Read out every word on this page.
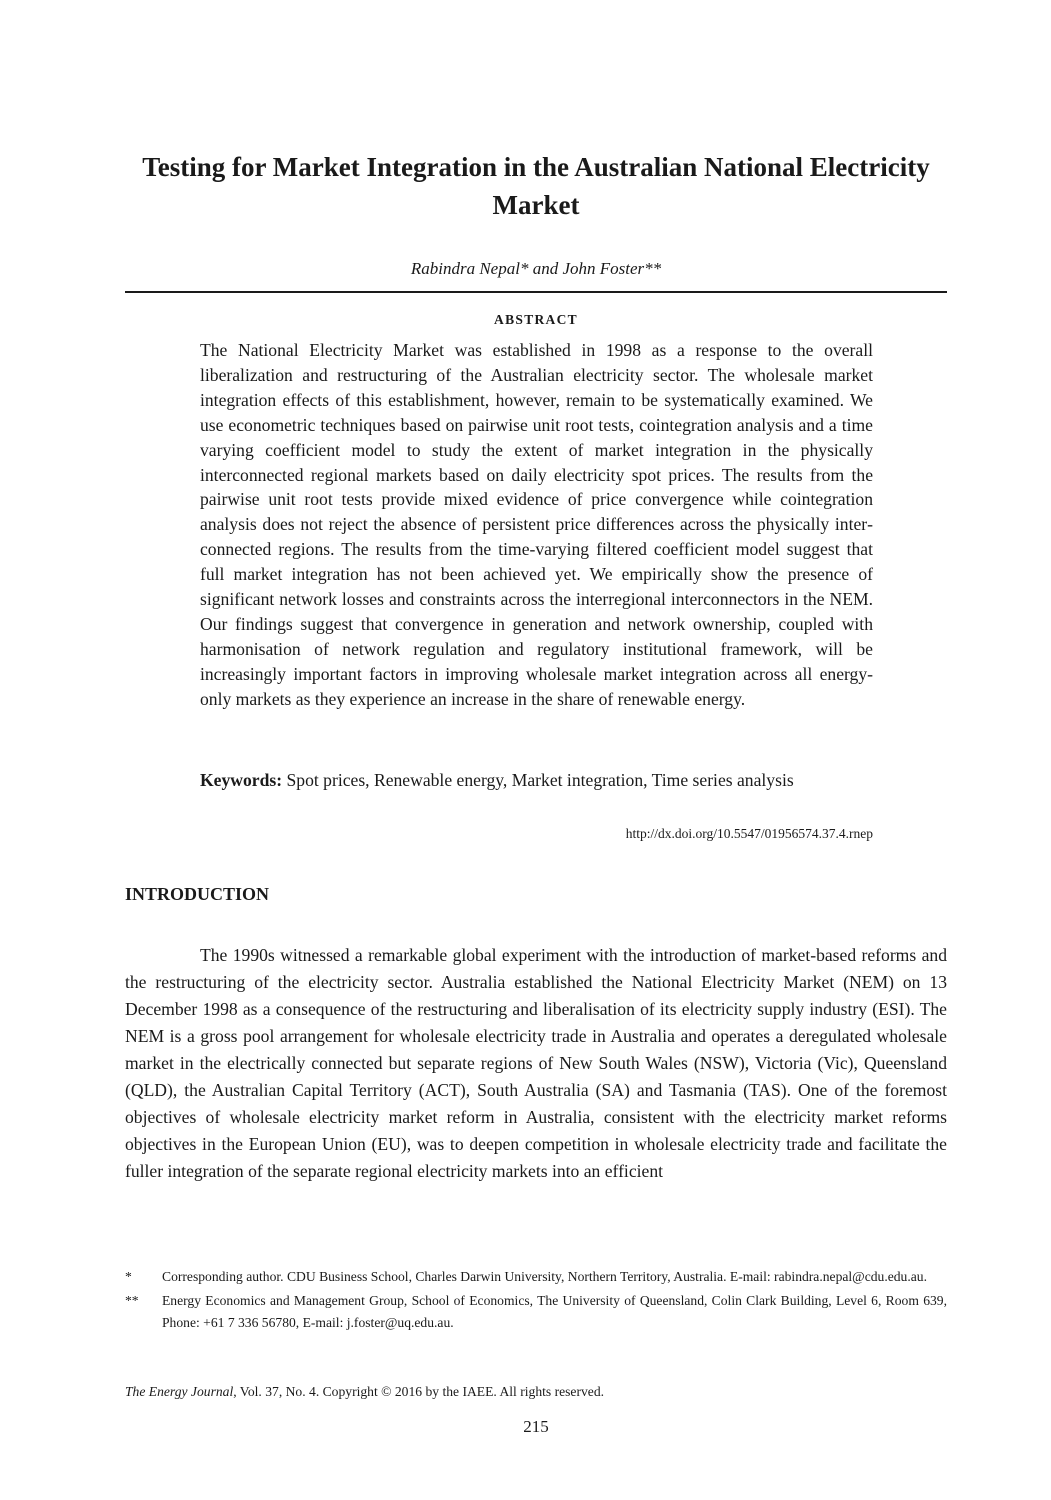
Testing for Market Integration in the Australian National Electricity Market
Rabindra Nepal* and John Foster**
ABSTRACT

The National Electricity Market was established in 1998 as a response to the overall liberalization and restructuring of the Australian electricity sector. The wholesale market integration effects of this establishment, however, remain to be systematically examined. We use econometric techniques based on pairwise unit root tests, cointegration analysis and a time varying coefficient model to study the extent of market integration in the physically interconnected regional markets based on daily electricity spot prices. The results from the pairwise unit root tests provide mixed evidence of price convergence while cointegration analysis does not reject the absence of persistent price differences across the physically interconnected regions. The results from the time-varying filtered coefficient model suggest that full market integration has not been achieved yet. We empirically show the presence of significant network losses and constraints across the interregional interconnectors in the NEM. Our findings suggest that convergence in generation and network ownership, coupled with harmonisation of network regulation and regulatory institutional framework, will be increasingly important factors in improving wholesale market integration across all energy-only markets as they experience an increase in the share of renewable energy.

Keywords: Spot prices, Renewable energy, Market integration, Time series analysis

http://dx.doi.org/10.5547/01956574.37.4.rnep
INTRODUCTION

The 1990s witnessed a remarkable global experiment with the introduction of market-based reforms and the restructuring of the electricity sector. Australia established the National Electricity Market (NEM) on 13 December 1998 as a consequence of the restructuring and liberalisation of its electricity supply industry (ESI). The NEM is a gross pool arrangement for wholesale electricity trade in Australia and operates a deregulated wholesale market in the electrically connected but separate regions of New South Wales (NSW), Victoria (Vic), Queensland (QLD), the Australian Capital Territory (ACT), South Australia (SA) and Tasmania (TAS). One of the foremost objectives of wholesale electricity market reform in Australia, consistent with the electricity market reforms objectives in the European Union (EU), was to deepen competition in wholesale electricity trade and facilitate the fuller integration of the separate regional electricity markets into an efficient

*	Corresponding author. CDU Business School, Charles Darwin University, Northern Territory, Australia. E-mail: rabindra.nepal@cdu.edu.au.
**	Energy Economics and Management Group, School of Economics, The University of Queensland, Colin Clark Building, Level 6, Room 639, Phone: +61 7 336 56780, E-mail: j.foster@uq.edu.au.
The Energy Journal, Vol. 37, No. 4. Copyright © 2016 by the IAEE. All rights reserved.
215
